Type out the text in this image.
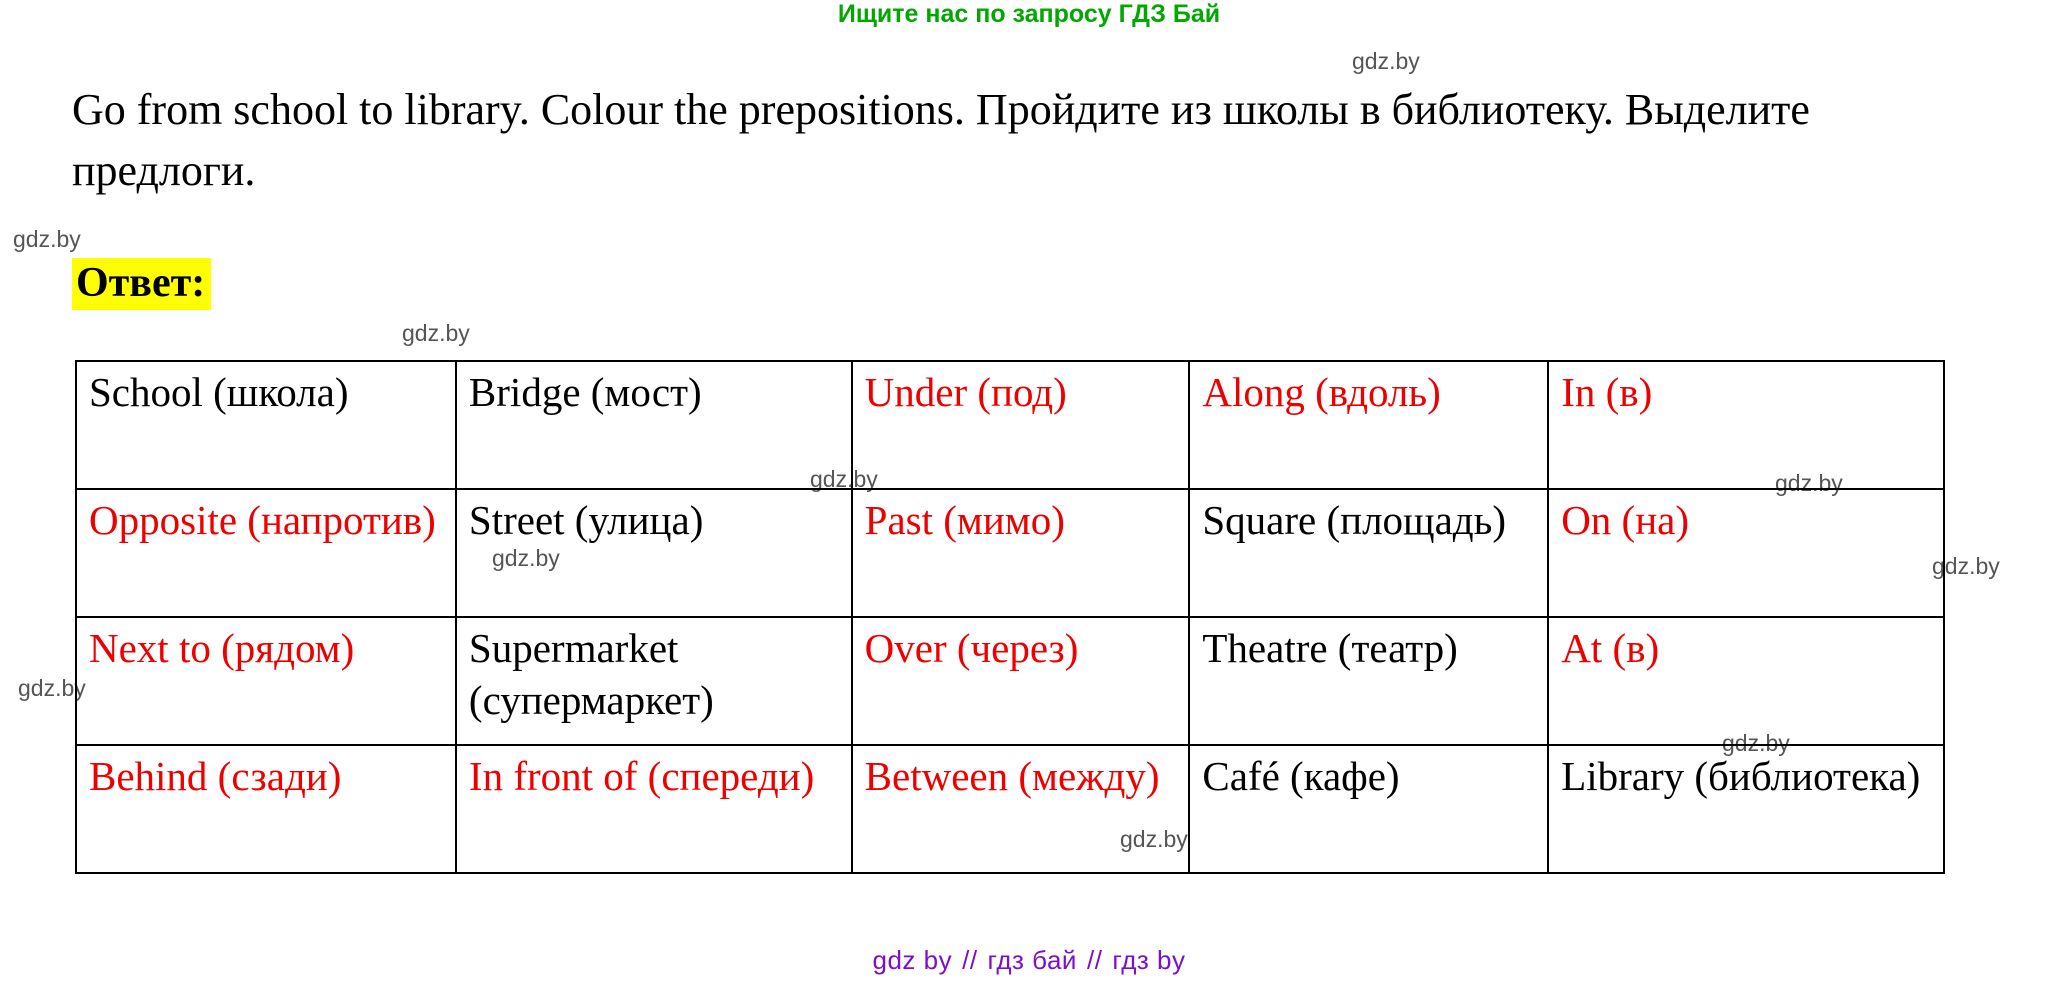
Ищите нас по запросу ГДЗ Бай
gdz.by
gdz.by
gdz.by
gdz.by
gdz.by
gdz.by	gdz.by
gdz.by
gdz.by
gdz.by
Go from school to library. Colour the prepositions. Пройдите из школы в библиотеку. Выделите предлоги.
Ответ:
School (школа)	Bridge (мост)	Under (под)	Along (вдоль)	In (в)
Opposite (напротив)	Street (улица)	Past (мимо)	Square (площадь)	On (на)
Next to (рядом)	Supermarket (супермаркет)	Over (через)	Theatre (театр)	At (в)
Behind (сзади)	In front of (спереди)	Between (между)	Café (кафе)	Library (библиотека)
gdz by // гдз бай // гдз by
